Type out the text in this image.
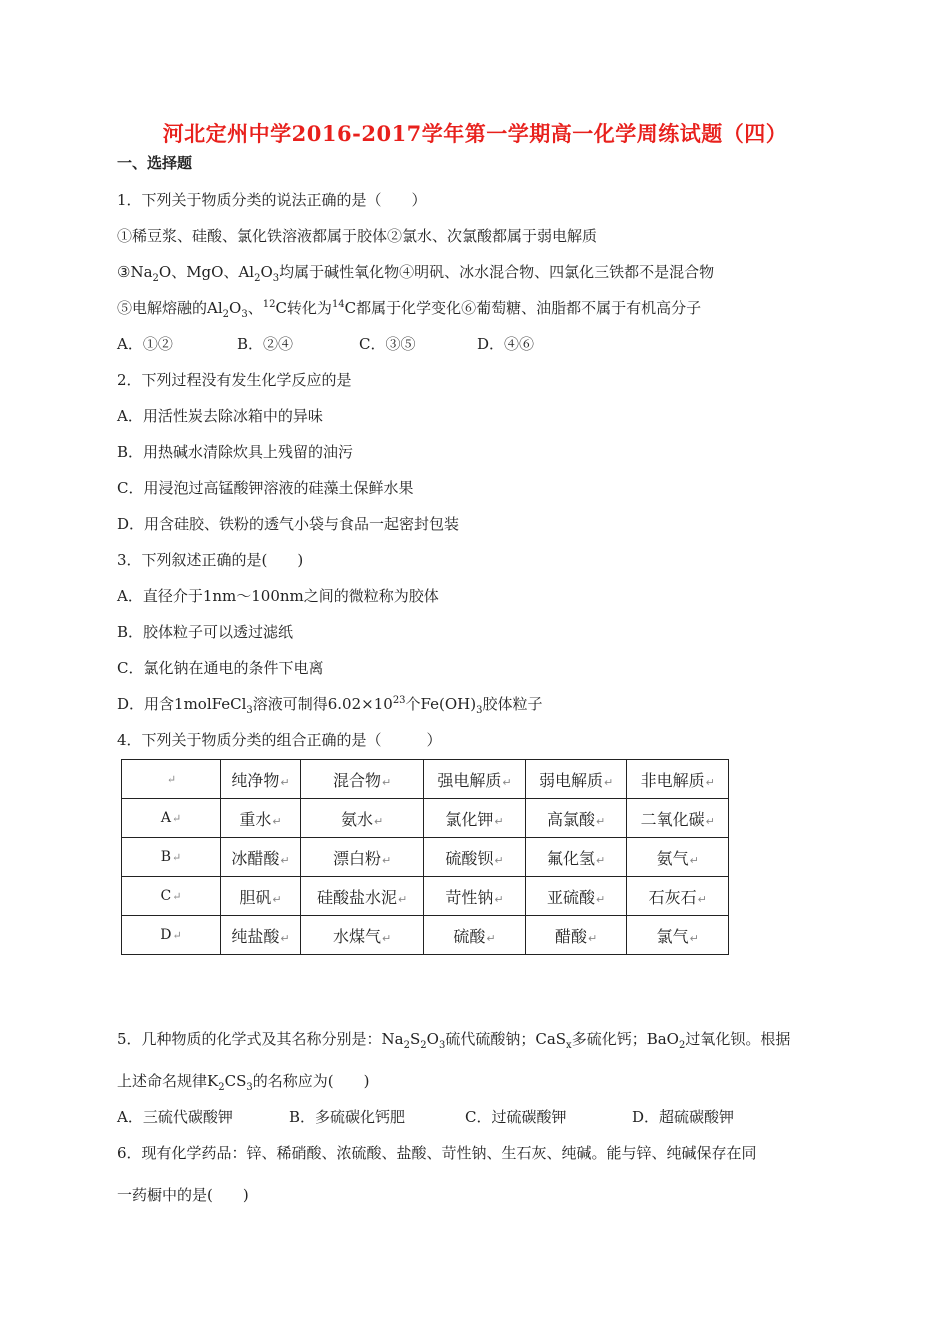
河北定州中学2016-2017学年第一学期高一化学周练试题（四）
一、选择题
1．下列关于物质分类的说法正确的是（　　）
①稀豆浆、硅酸、氯化铁溶液都属于胶体②氯水、次氯酸都属于弱电解质
$③Na_2O$、MgO、$Al_2O_3$均属于碱性氧化物④明矾、冰水混合物、四氯化三铁都不是混合物
⑤电解熔融的$Al_2O_3$、$^{12}$C转化为$^{14}$C都属于化学变化⑥葡萄糖、油脂都不属于有机高分子
A．①②	B．②④	C．③⑤	D．④⑥
2．下列过程没有发生化学反应的是
A．用活性炭去除冰箱中的异味
B．用热碱水清除炊具上残留的油污
C．用浸泡过高锰酸钾溶液的硅藻土保鲜水果
D．用含硅胶、铁粉的透气小袋与食品一起密封包装
3．下列叙述正确的是(　　)
A．直径介于1nm～100nm之间的微粒称为胶体
B．胶体粒子可以透过滤纸
C．氯化钠在通电的条件下电离
D．用含1molFeCl$_3$溶液可制得$6.02\times 10^{23}$个$Fe(OH)_3$胶体粒子
4．下列关于物质分类的组合正确的是（　　　）
↵	纯净物↵	混合物↵	强电解质↵	弱电解质↵	非电解质↵
A↵	重水↵	氨水↵	氯化钾↵	高氯酸↵	二氧化碳↵
B↵	冰醋酸↵	漂白粉↵	硫酸钡↵	氟化氢↵	氨气↵
C↵	胆矾↵	硅酸盐水泥↵	苛性钠↵	亚硫酸↵	石灰石↵
D↵	纯盐酸↵	水煤气↵	硫酸↵	醋酸↵	氯气↵
5．几种物质的化学式及其名称分别是：$Na_2S_2O_3$硫代硫酸钠；CaS$_x$多硫化钙；BaO$_2$过氧化钡。根据
上述命名规律$K_2CS_3$的名称应为(　　)
A．三硫代碳酸钾	B．多硫碳化钙肥	C．过硫碳酸钾	D．超硫碳酸钾
6．现有化学药品：锌、稀硝酸、浓硫酸、盐酸、苛性钠、生石灰、纯碱。能与锌、纯碱保存在同
一药橱中的是(　　)
